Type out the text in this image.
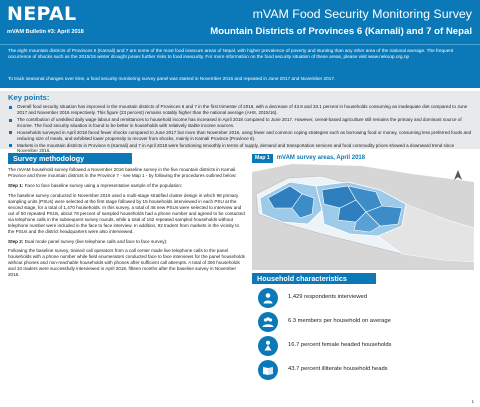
NEPAL
mVAM Bulletin #3: April 2018
mVAM Food Security Monitoring Survey
Mountain Districts of Provinces 6 (Karnali) and 7 of Nepal

The eight mountain districts of Provinces 6 (Karnali) and 7 are some of the most food insecure areas of Nepal, with higher prevalence of poverty and stunting than any other area of the national average. The frequent occurrence of shocks such as the 2015/16 winter drought poses further risks to food insecurity. For more information on the food security situation of these areas, please visit www.nekoop.org.np

To track seasonal changes over time, a food security monitoring survey panel was started in November 2016 and repeated in June 2017 and November 2017.

Key points:
Overall food security situation has improved in the mountain districts of Provinces 6 and 7 in the first trimester of 2018, with a decrease of 43.8 and 33.1 percent in households consuming an inadequate diet compared to June 2017 and November 2016 respectively. This figure (23 percent) remains notably higher than the national average (AHS, 2015/16).
The contribution of unskilled daily wage labour and remittances to household income has increased in April 2018 compared to June 2017. However, cereal-based agriculture still remains the primary and dominant source of income. The food security situation is found to be better in households with relatively stable income sources.
Households surveyed in April 2018 faced fewer shocks compared to June 2017 but more than November 2016, using fewer and common coping strategies such as borrowing food or money, consuming less preferred foods and reducing size of meals, and exhibited lower propensity to recover from shocks, mainly in Karnali Province (Province 6).
Markets in the mountain districts in Province 6 (Karnali) and 7 in April 2018 were functioning smoothly in terms of supply, demand and transportation services and food commodity prices showed a downward trend since November 2016.
Survey methodology

The mVAM household survey followed a November 2016 baseline survey in the five mountain districts in Karnali Province and three mountain districts in the Province 7 - see Map 1 - by following the procedures outlined below:

Step 1: Face to face baseline survey using a representative sample of the population:

The baseline survey conducted in November 2016 used a multi-stage stratified cluster design in which 98 primary sampling units (PSUs) were selected at the first stage followed by 15 households interviewed in each PSU at the second stage, for a total of 1,470 households. In this survey, a total of 48 new PSUs were selected to interview and out of 50 repeated PSUs, about 78 percent of sampled households had a phone number and agreed to be contacted via telephone calls in the subsequent survey rounds, while a total of 152 repeated sampled households without telephone number were included in the face to face interview. In addition, 92 traders from markets in the vicinity to the PSUs and the district headquarters were also interviewed.

Step 2: Dual mode panel survey (live telephone calls and face to face survey):

Following the baseline survey, trained call operators from a call center made live telephone calls to the panel households with a phone number while field enumerators conducted face to face interviews for the panel households without phones and non-reachable households with phones after sufficient call attempts. A total of 300 households and 34 traders were successfully interviewed in April 2018, fifteen months after the baseline survey in November 2016.

Map 1	mVAM survey areas, April 2018
Household characteristics
1,429 respondents interviewed
6.3 members per household on average
16.7 percent female headed households
43.7 percent illiterate household heads
1
